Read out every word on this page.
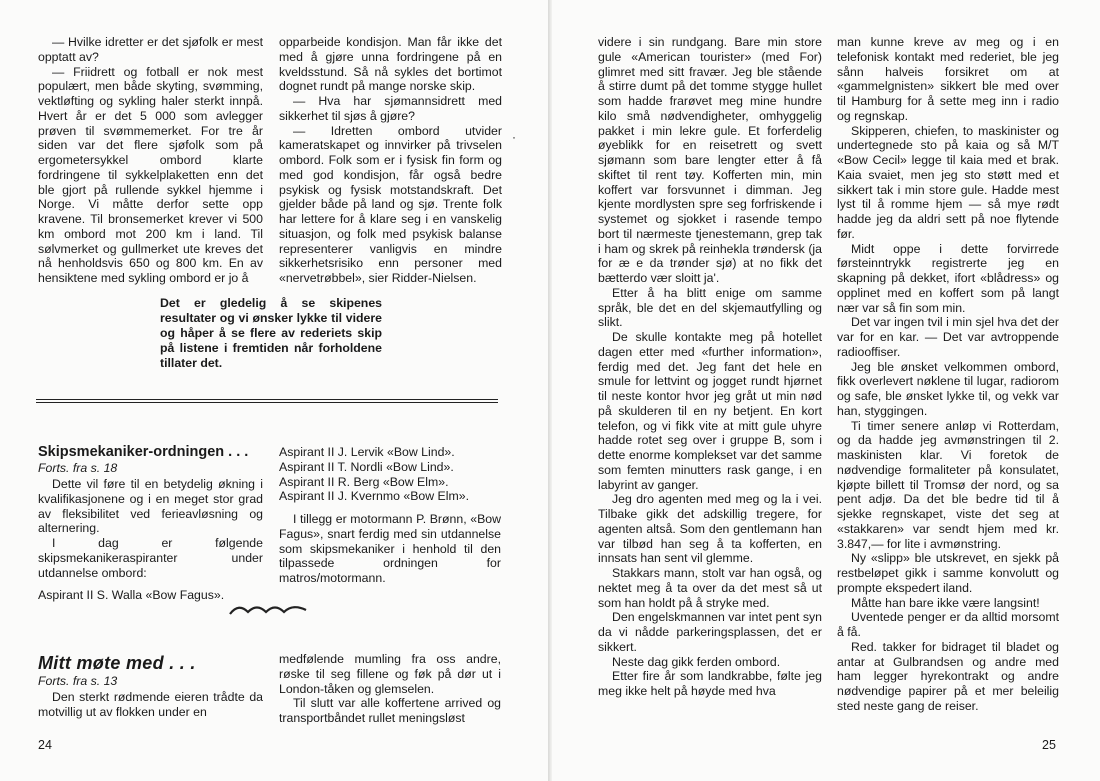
— Hvilke idretter er det sjøfolk er mest opptatt av?

— Friidrett og fotball er nok mest populært, men både skyting, svømming, vektløfting og sykling haler sterkt innpå. Hvert år er det 5 000 som avlegger prøven til svømmemerket. For tre år siden var det flere sjøfolk som på ergometersykkel ombord klarte fordringene til sykkelplaketten enn det ble gjort på rullende sykkel hjemme i Norge. Vi måtte derfor sette opp kravene. Til bronsemerket krever vi 500 km ombord mot 200 km i land. Til sølvmerket og gullmerket ute kreves det nå henholdsvis 650 og 800 km. En av hensiktene med sykling ombord er jo å

opparbeide kondisjon. Man får ikke det med å gjøre unna fordringene på en kveldsstund. Så nå sykles det bortimot dognet rundt på mange norske skip.

— Hva har sjømannsidrett med sikkerhet til sjøs å gjøre?

— Idretten ombord utvider kameratskapet og innvirker på trivselen ombord. Folk som er i fysisk fin form og med god kondisjon, får også bedre psykisk og fysisk motstandskraft. Det gjelder både på land og sjø. Trente folk har lettere for å klare seg i en vanskelig situasjon, og folk med psykisk balanse representerer vanligvis en mindre sikkerhetsrisiko enn personer med «nervetrøbbel», sier Ridder-Nielsen.

·
Det er gledelig å se skipenes resultater og vi ønsker lykke til videre og håper å se flere av rederiets skip på listene i fremtiden når forholdene tillater det.
Skipsmekaniker-ordningen . . .
Forts. fra s. 18

Dette vil føre til en betydelig økning i kvalifikasjonene og i en meget stor grad av fleksibilitet ved ferieavløsning og alternering.

I dag er følgende skipsmekanikeraspiranter under utdannelse ombord:

Aspirant II S. Walla «Bow Fagus».

Aspirant II J. Lervik «Bow Lind».

Aspirant II T. Nordli «Bow Lind».

Aspirant II R. Berg «Bow Elm».

Aspirant II J. Kvernmo «Bow Elm».

I tillegg er motormann P. Brønn, «Bow Fagus», snart ferdig med sin utdannelse som skipsmekaniker i henhold til den tilpassede ordningen for matros/motormann.

Mitt møte med . . .
Forts. fra s. 13

Den sterkt rødmende eieren trådte da motvillig ut av flokken under en

medfølende mumling fra oss andre, røske til seg fillene og føk på dør ut i London-tåken og glemselen.

Til slutt var alle koffertene arrived og transportbåndet rullet meningsløst

24

videre i sin rundgang. Bare min store gule «American tourister» (med For) glimret med sitt fravær. Jeg ble stående å stirre dumt på det tomme stygge hullet som hadde frarøvet meg mine hundre kilo små nødvendigheter, omhyggelig pakket i min lekre gule. Et forferdelig øyeblikk for en reisetrett og svett sjømann som bare lengter etter å få skiftet til rent tøy. Kofferten min, min koffert var forsvunnet i dimman. Jeg kjente mordlysten spre seg forfriskende i systemet og sjokket i rasende tempo bort til nærmeste tjenestemann, grep tak i ham og skrek på reinhekla trøndersk (ja for æ e da trønder sjø) at no fikk det bætterdo vær sloitt ja'.

Etter å ha blitt enige om samme språk, ble det en del skjemautfylling og slikt.

De skulle kontakte meg på hotellet dagen etter med «further information», ferdig med det. Jeg fant det hele en smule for lettvint og jogget rundt hjørnet til neste kontor hvor jeg gråt ut min nød på skulderen til en ny betjent. En kort telefon, og vi fikk vite at mitt gule uhyre hadde rotet seg over i gruppe B, som i dette enorme komplekset var det samme som femten minutters rask gange, i en labyrint av ganger.

Jeg dro agenten med meg og la i vei. Tilbake gikk det adskillig tregere, for agenten altså. Som den gentlemann han var tilbød han seg å ta kofferten, en innsats han sent vil glemme.

Stakkars mann, stolt var han også, og nektet meg å ta over da det mest så ut som han holdt på å stryke med.

Den engelskmannen var intet pent syn da vi nådde parkeringsplassen, det er sikkert.

Neste dag gikk ferden ombord.

Etter fire år som landkrabbe, følte jeg meg ikke helt på høyde med hva

man kunne kreve av meg og i en telefonisk kontakt med rederiet, ble jeg sånn halveis forsikret om at «gammelgnisten» sikkert ble med over til Hamburg for å sette meg inn i radio og regnskap.

Skipperen, chiefen, to maskinister og undertegnede sto på kaia og så M/T «Bow Cecil» legge til kaia med et brak. Kaia svaiet, men jeg sto støtt med et sikkert tak i min store gule. Hadde mest lyst til å romme hjem — så mye rødt hadde jeg da aldri sett på noe flytende før.

Midt oppe i dette forvirrede førsteinntrykk registrerte jeg en skapning på dekket, ifort «blådress» og opplinet med en koffert som på langt nær var så fin som min.

Det var ingen tvil i min sjel hva det der var for en kar. — Det var avtroppende radiooffiser.

Jeg ble ønsket velkommen ombord, fikk overlevert nøklene til lugar, radiorom og safe, ble ønsket lykke til, og vekk var han, styggingen.

Ti timer senere anløp vi Rotterdam, og da hadde jeg avmønstringen til 2. maskinisten klar. Vi foretok de nødvendige formaliteter på konsulatet, kjøpte billett til Tromsø der nord, og sa pent adjø. Da det ble bedre tid til å sjekke regnskapet, viste det seg at «stakkaren» var sendt hjem med kr. 3.847,— for lite i avmønstring.

Ny «slipp» ble utskrevet, en sjekk på restbeløpet gikk i samme konvolutt og prompte ekspedert iland.

Måtte han bare ikke være langsint!

Uventede penger er da alltid morsomt å få.

Red. takker for bidraget til bladet og antar at Gulbrandsen og andre med ham legger hyrekontrakt og andre nødvendige papirer på et mer beleilig sted neste gang de reiser.

25
